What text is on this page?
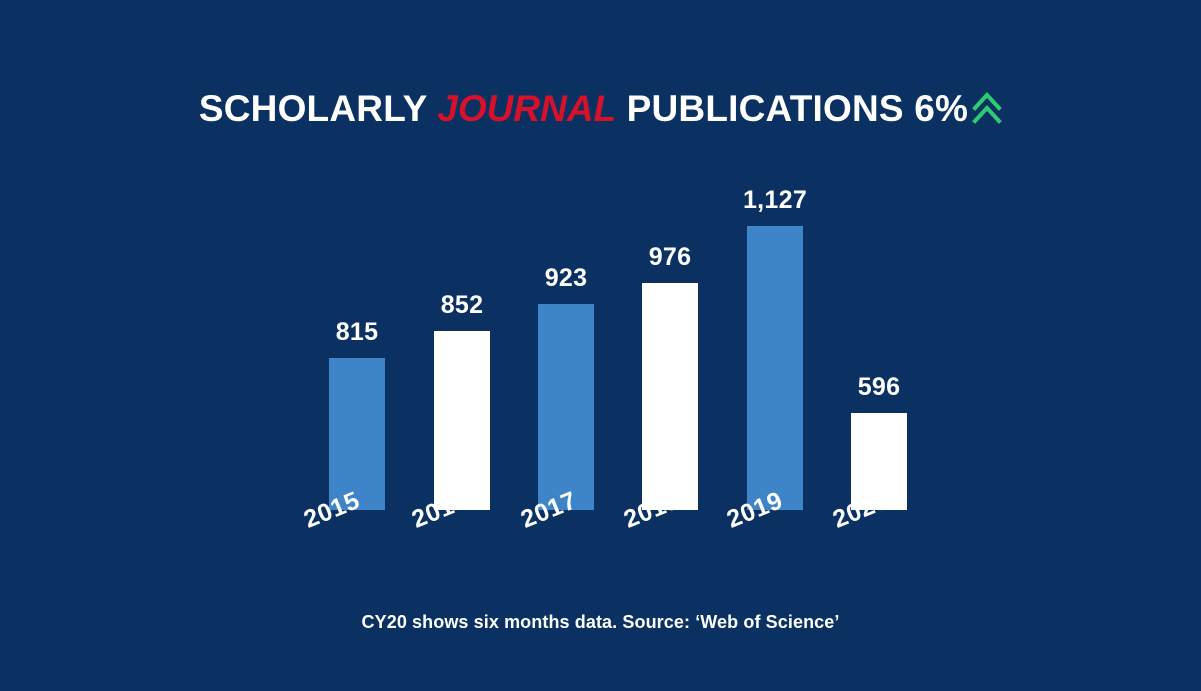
SCHOLARLY JOURNAL PUBLICATIONS 6%
815
852
923
976
1,127
596
2015	2016	2017	2018	2019	2020
CY20 shows six months data. Source: ‘Web of Science’
